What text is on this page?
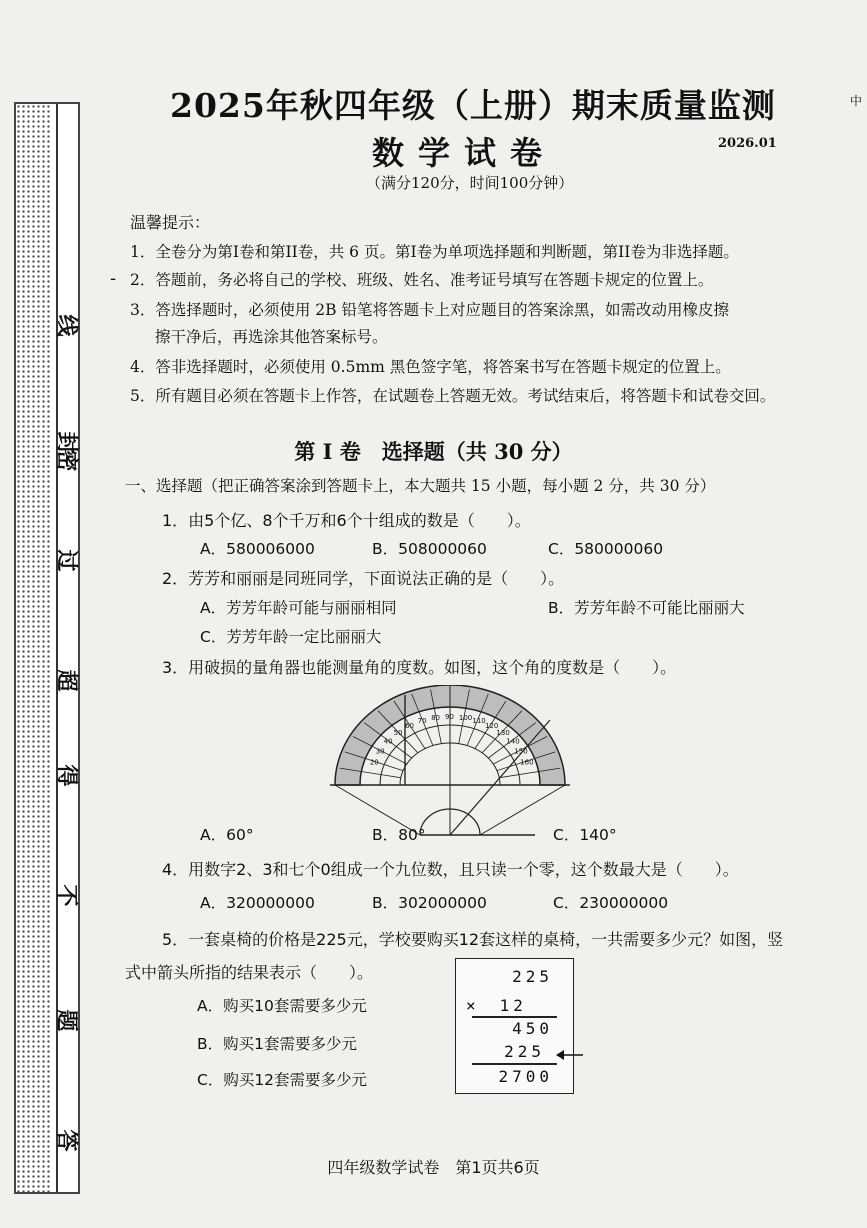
答
题
不
得
超
过
密
封
线
中
2025年秋四年级（上册）期末质量监测
数学试卷	2026.01
（满分120分，时间100分钟）
温馨提示：
-
1．全卷分为第I卷和第II卷，共 6 页。第I卷为单项选择题和判断题，第II卷为非选择题。
2．答题前，务必将自己的学校、班级、姓名、准考证号填写在答题卡规定的位置上。
3．答选择题时，必须使用 2B 铅笔将答题卡上对应题目的答案涂黑，如需改动用橡皮擦
擦干净后，再选涂其他答案标号。
4．答非选择题时，必须使用 0.5mm 黑色签字笔，将答案书写在答题卡规定的位置上。
5．所有题目必须在答题卡上作答，在试题卷上答题无效。考试结束后，将答题卡和试卷交回。
第 I 卷　选择题（共 30 分）
一、选择题（把正确答案涂到答题卡上，本大题共 15 小题，每小题 2 分，共 30 分）
1．由5个亿、8个千万和6个十组成的数是（　　）。
A．580006000	B．508000060	C．580000060
2．芳芳和丽丽是同班同学，下面说法正确的是（　　）。
A．芳芳年龄可能与丽丽相同	B．芳芳年龄不可能比丽丽大
C．芳芳年龄一定比丽丽大
3．用破损的量角器也能测量角的度数。如图，这个角的度数是（　　）。
20
30
40
50
60
70 80 90 100 110
120
130
140
150
160
A．60°	B．80°	C．140°
4．用数字2、3和七个0组成一个九位数，且只读一个零，这个数最大是（　　）。
A．320000000	B．302000000	C．230000000
5．一套桌椅的价格是225元，学校要购买12套这样的桌椅，一共需要多少元？如图，竖
式中箭头所指的结果表示（　　）。
A．购买10套需要多少元
B．购买1套需要多少元
C．购买12套需要多少元
225
×　12
450
225
2700
四年级数学试卷　第1页共6页
